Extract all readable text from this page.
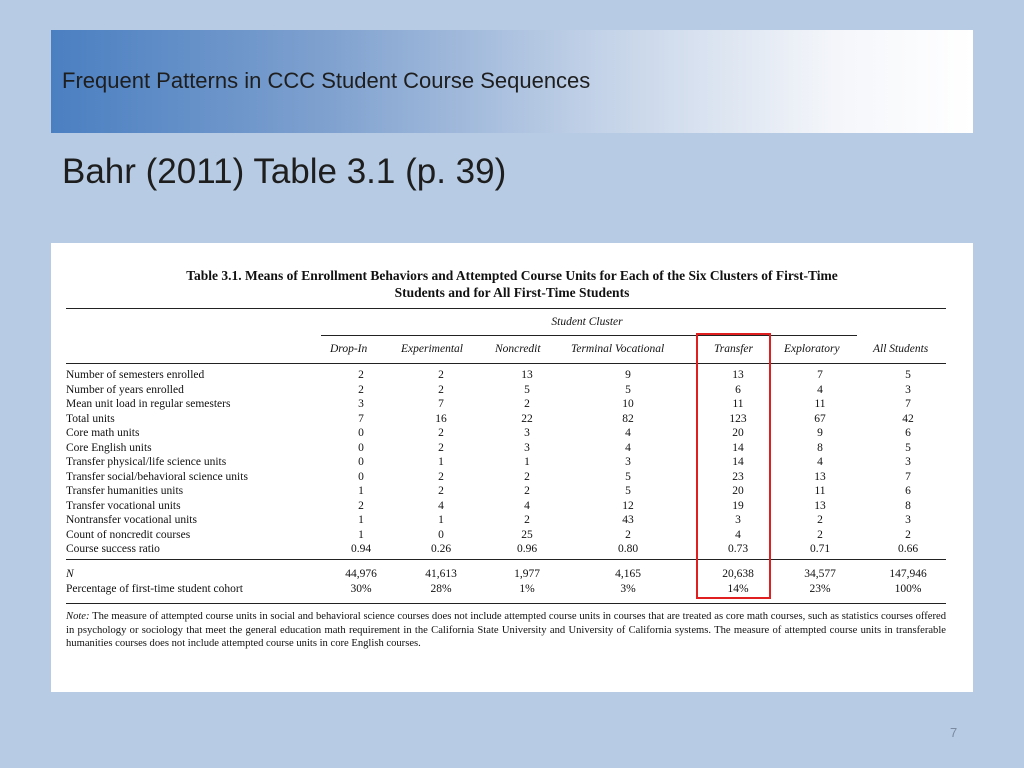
Frequent Patterns in CCC Student Course Sequences
Bahr (2011) Table 3.1 (p. 39)
Table 3.1. Means of Enrollment Behaviors and Attempted Course Units for Each of the Six Clusters of First-Time
Students and for All First-Time Students
Student Cluster
Drop-In	Experimental	Noncredit	Terminal Vocational	Transfer	Exploratory	All Students
Number of semesters enrolled	2	2	13	9	13	7	5
Number of years enrolled	2	2	5	5	6	4	3
Mean unit load in regular semesters	3	7	2	10	11	11	7
Total units	7	16	22	82	123	67	42
Core math units	0	2	3	4	20	9	6
Core English units	0	2	3	4	14	8	5
Transfer physical/life science units	0	1	1	3	14	4	3
Transfer social/behavioral science units	0	2	2	5	23	13	7
Transfer humanities units	1	2	2	5	20	11	6
Transfer vocational units	2	4	4	12	19	13	8
Nontransfer vocational units	1	1	2	43	3	2	3
Count of noncredit courses	1	0	25	2	4	2	2
Course success ratio	0.94	0.26	0.96	0.80	0.73	0.71	0.66
N	44,976	41,613	1,977	4,165	20,638	34,577	147,946
Percentage of first-time student cohort	30%	28%	1%	3%	14%	23%	100%
Note: The measure of attempted course units in social and behavioral science courses does not include attempted course units in courses that are treated as core math courses, such as statistics courses offered in psychology or sociology that meet the general education math requirement in the California State University and University of California systems. The measure of attempted course units in transferable humanities courses does not include attempted course units in core English courses.
7
